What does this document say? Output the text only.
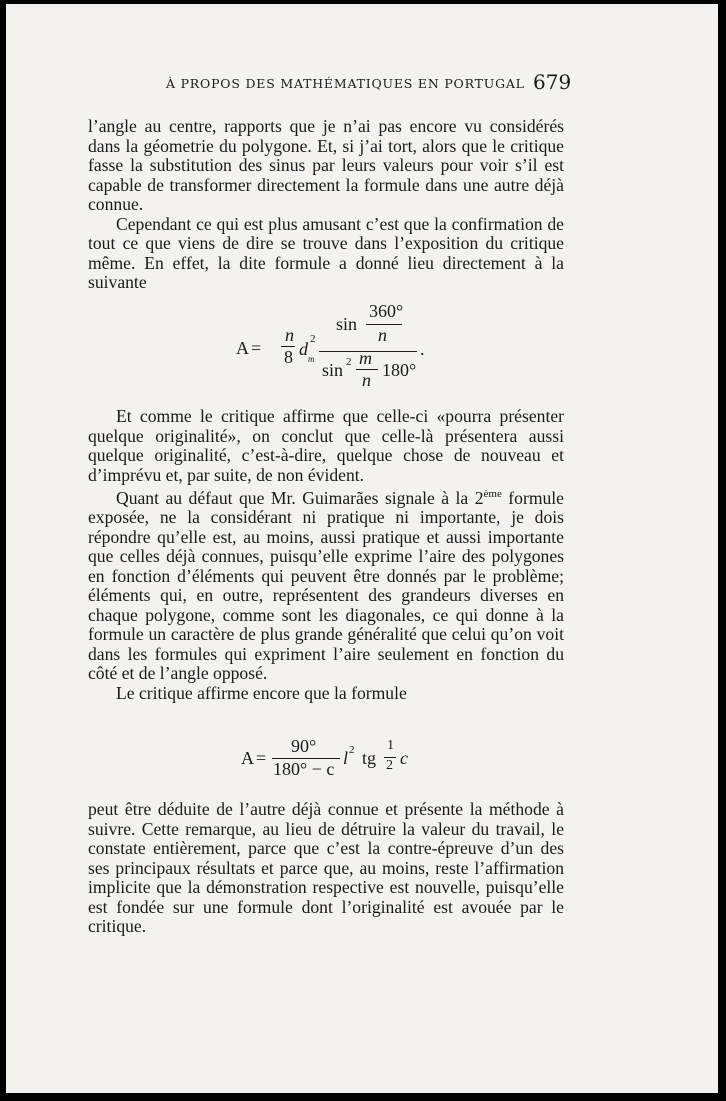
À PROPOS DES MATHÉMATIQUES EN PORTUGAL 679

l’angle au centre, rapports que je n’ai pas encore vu considérés dans la géometrie du polygone. Et, si j’ai tort, alors que le critique fasse la substitution des sinus par leurs valeurs pour voir s’il est capable de transformer directement la formule dans une autre déjà connue.

Cependant ce qui est plus amusant c’est que la confirmation de tout ce que viens de dire se trouve dans l’exposition du critique même. En effet, la dite formule a donné lieu directement à la suivante

A =
n
8 d 2
m
sin
360°
n
.
sin 2 m
n 180°

Et comme le critique affirme que celle-ci «pourra présenter quelque originalité», on conclut que celle-là présentera aussi quelque originalité, c’est-à-dire, quelque chose de nouveau et d’imprévu et, par suite, de non évident.

Quant au défaut que Mr. Guimarães signale à la 2ème formule exposée, ne la considérant ni pratique ni importante, je dois répondre qu’elle est, au moins, aussi pratique et aussi importante que celles déjà connues, puisqu’elle exprime l’aire des polygones en fonction d’éléments qui peuvent être donnés par le problème; éléments qui, en outre, représentent des grandeurs diverses en chaque polygone, comme sont les diagonales, ce qui donne à la formule un caractère de plus grande généralité que celui qu’on voit dans les formules qui expriment l’aire seulement en fonction du côté et de l’angle opposé.

Le critique affirme encore que la formule

A =
90°
180° − c
l 2 tg
1
2 c

peut être déduite de l’autre déjà connue et présente la méthode à suivre. Cette remarque, au lieu de détruire la valeur du travail, le constate entièrement, parce que c’est la contre-épreuve d’un des ses principaux résultats et parce que, au moins, reste l’affirmation implicite que la démonstration respective est nouvelle, puisqu’elle est fondée sur une formule dont l’originalité est avouée par le critique.
